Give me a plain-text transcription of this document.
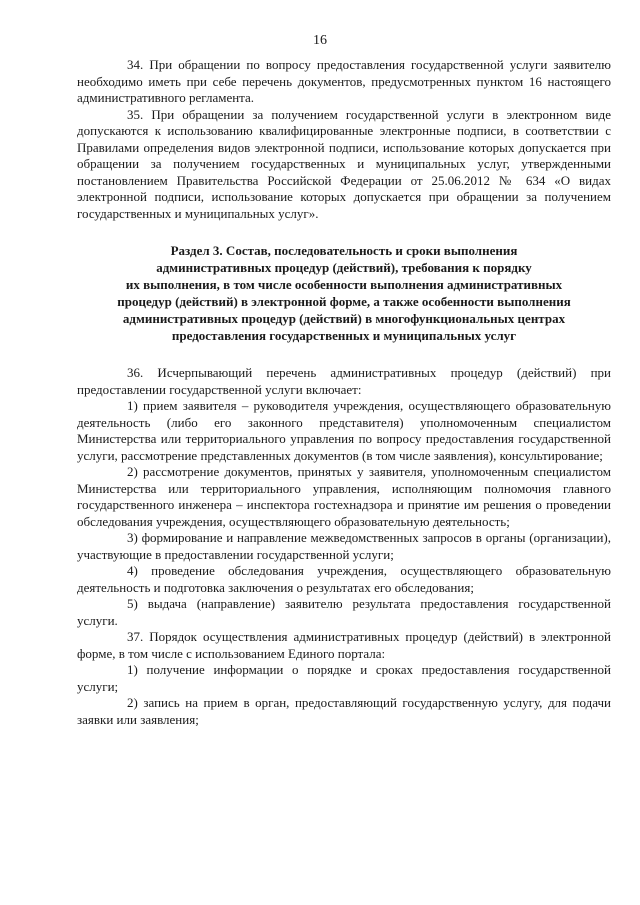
16

34. При обращении по вопросу предоставления государственной услуги заявителю необходимо иметь при себе перечень документов, предусмотренных пунктом 16 настоящего административного регламента.

35. При обращении за получением государственной услуги в электронном виде допускаются к использованию квалифицированные электронные подписи, в соответствии с Правилами определения видов электронной подписи, использование которых допускается при обращении за получением государственных и муниципальных услуг, утвержденными постановлением Правительства Российской Федерации от 25.06.2012 № 634 «О видах электронной подписи, использование которых допускается при обращении за получением государственных и муниципальных услуг».

Раздел 3. Состав, последовательность и сроки выполнения
административных процедур (действий), требования к порядку
их выполнения, в том числе особенности выполнения административных
процедур (действий) в электронной форме, а также особенности выполнения
административных процедур (действий) в многофункциональных центрах
предоставления государственных и муниципальных услуг

36. Исчерпывающий перечень административных процедур (действий) при предоставлении государственной услуги включает:

1) прием заявителя – руководителя учреждения, осуществляющего образовательную деятельность (либо его законного представителя) уполномоченным специалистом Министерства или территориального управления по вопросу предоставления государственной услуги, рассмотрение представленных документов (в том числе заявления), консультирование;

2) рассмотрение документов, принятых у заявителя, уполномоченным специалистом Министерства или территориального управления, исполняющим полномочия главного государственного инженера – инспектора гостехнадзора и принятие им решения о проведении обследования учреждения, осуществляющего образовательную деятельность;

3) формирование и направление межведомственных запросов в органы (организации), участвующие в предоставлении государственной услуги;

4) проведение обследования учреждения, осуществляющего образовательную деятельность и подготовка заключения о результатах его обследования;

5) выдача (направление) заявителю результата предоставления государственной услуги.

37. Порядок осуществления административных процедур (действий) в электронной форме, в том числе с использованием Единого портала:

1) получение информации о порядке и сроках предоставления государственной услуги;

2) запись на прием в орган, предоставляющий государственную услугу, для подачи заявки или заявления;
